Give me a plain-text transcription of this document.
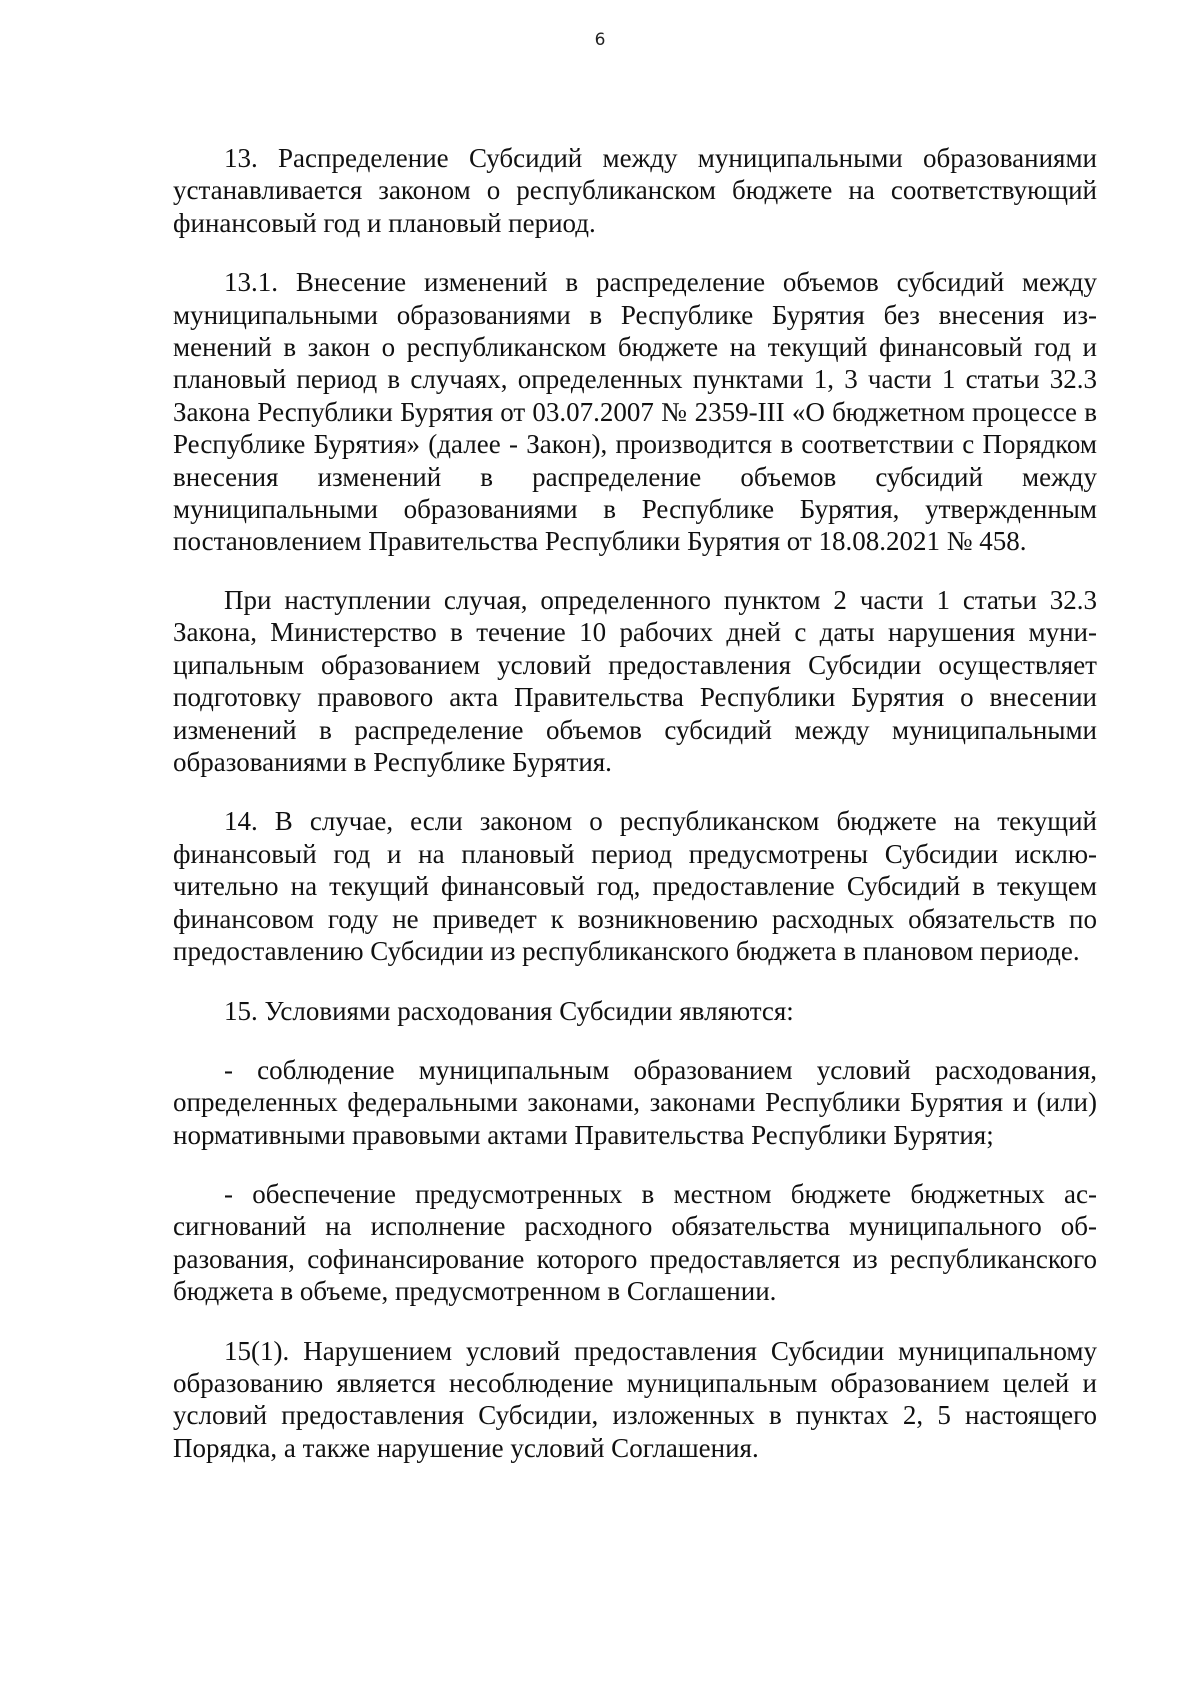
6

13. Распределение Субсидий между муниципальными образованиями устанавливается законом о республиканском бюджете на соответствующий финансовый год и плановый период.

13.1. Внесение изменений в распределение объемов субсидий между муниципальными образованиями в Республике Бурятия без внесения изменений в закон о республиканском бюджете на текущий финансовый год и плановый период в случаях, определенных пунктами 1, 3 части 1 статьи 32.3 Закона Республики Бурятия от 03.07.2007 № 2359-III «О бюджетном процессе в Республике Бурятия» (далее - Закон), производится в соответствии с Порядком внесения изменений в распределение объемов субсидий между муниципальными образованиями в Республике Бурятия, утвержденным постановлением Правительства Республики Бурятия от 18.08.2021 № 458.

При наступлении случая, определенного пунктом 2 части 1 статьи 32.3 Закона, Министерство в течение 10 рабочих дней с даты нарушения муниципальным образованием условий предоставления Субсидии осуществляет подготовку правового акта Правительства Республики Бурятия о внесении изменений в распределение объемов субсидий между муниципальными образованиями в Республике Бурятия.

14. В случае, если законом о республиканском бюджете на текущий финансовый год и на плановый период предусмотрены Субсидии исключительно на текущий финансовый год, предоставление Субсидий в текущем финансовом году не приведет к возникновению расходных обязательств по предоставлению Субсидии из республиканского бюджета в плановом периоде.

15. Условиями расходования Субсидии являются:

- соблюдение муниципальным образованием условий расходования, определенных федеральными законами, законами Республики Бурятия и (или) нормативными правовыми актами Правительства Республики Бурятия;

- обеспечение предусмотренных в местном бюджете бюджетных ассигнований на исполнение расходного обязательства муниципального образования, софинансирование которого предоставляется из республиканского бюджета в объеме, предусмотренном в Соглашении.

15(1). Нарушением условий предоставления Субсидии муниципальному образованию является несоблюдение муниципальным образованием целей и условий предоставления Субсидии, изложенных в пунктах 2, 5 настоящего Порядка, а также нарушение условий Соглашения.
